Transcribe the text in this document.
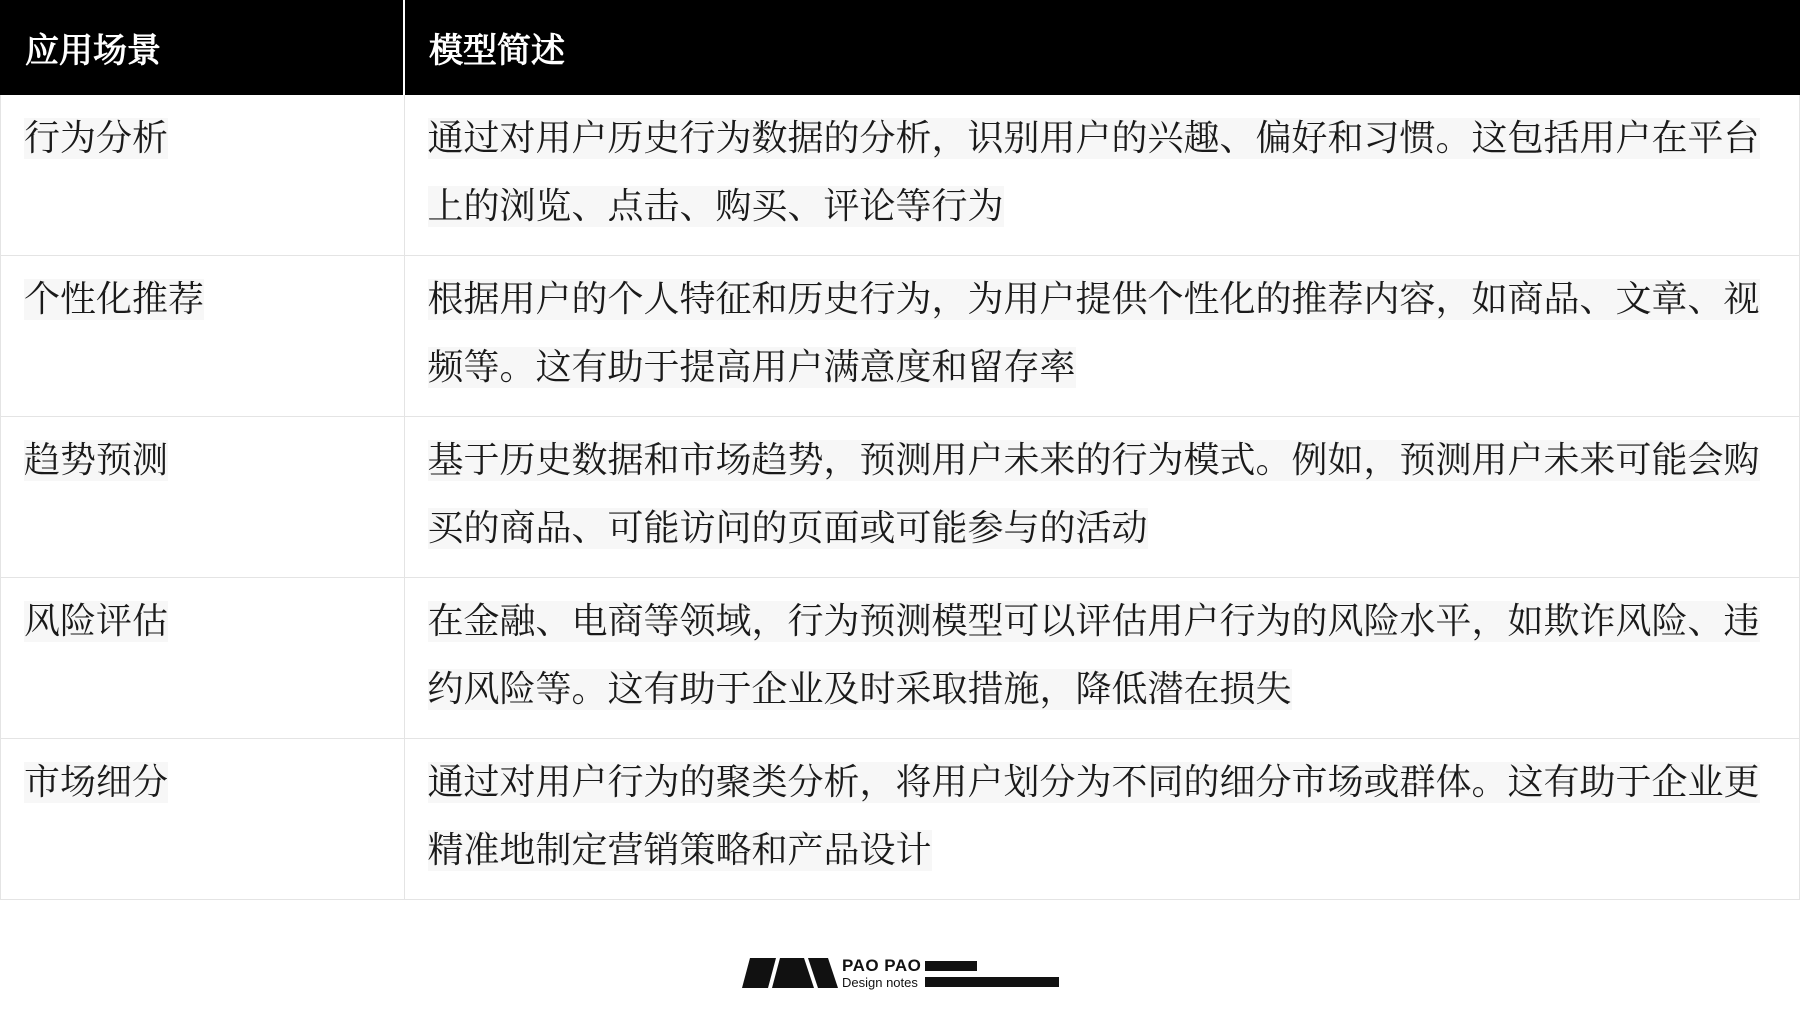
应用场景	模型简述

行为分析	通过对用户历史行为数据的分析，识别用户的兴趣、偏好和习惯。这包括用户在平台上的浏览、点击、购买、评论等行为

个性化推荐	根据用户的个人特征和历史行为，为用户提供个性化的推荐内容，如商品、文章、视频等。这有助于提高用户满意度和留存率

趋势预测	基于历史数据和市场趋势，预测用户未来的行为模式。例如，预测用户未来可能会购买的商品、可能访问的页面或可能参与的活动

风险评估	在金融、电商等领域，行为预测模型可以评估用户行为的风险水平，如欺诈风险、违约风险等。这有助于企业及时采取措施，降低潜在损失

市场细分	通过对用户行为的聚类分析，将用户划分为不同的细分市场或群体。这有助于企业更精准地制定营销策略和产品设计
PAO PAO
Design notes
